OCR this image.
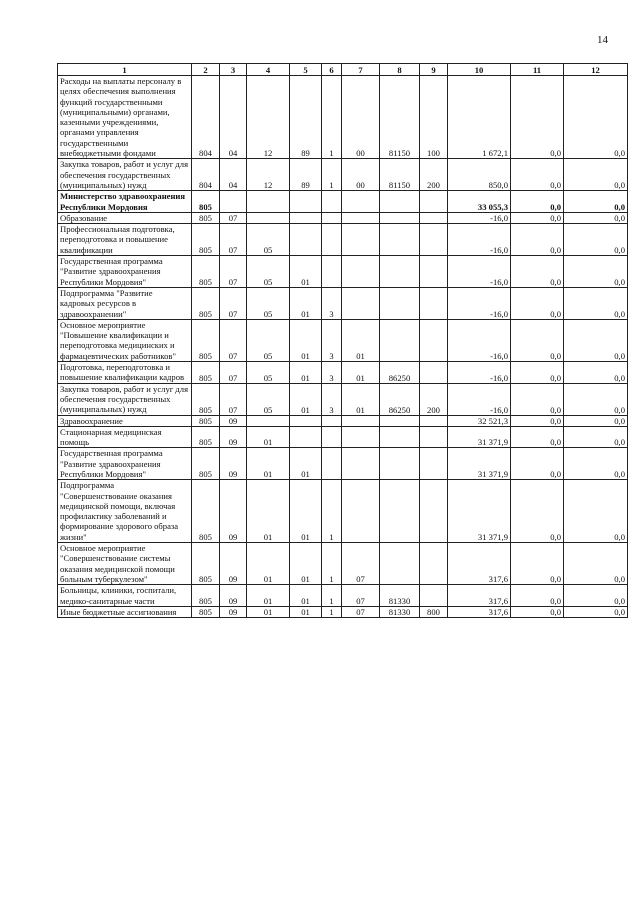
14
1	2	3	4	5	6	7	8	9	10	11	12
Расходы на выплаты персоналу в целях обеспечения выполнения функций государственными (муниципальными) органами, казенными учреждениями, органами управления государственными внебюджетными фондами	804	04	12	89	1	00	81150	100	1 672,1	0,0	0,0
Закупка товаров, работ и услуг для обеспечения государственных (муниципальных) нужд	804	04	12	89	1	00	81150	200	850,0	0,0	0,0
Министерство здравоохранения Республики Мордовия	805								33 055,3	0,0	0,0
Образование	805	07							-16,0	0,0	0,0
Профессиональная подготовка, переподготовка и повышение квалификации	805	07	05						-16,0	0,0	0,0
Государственная программа "Развитие здравоохранения Республики Мордовия"	805	07	05	01					-16,0	0,0	0,0
Подпрограмма "Развитие кадровых ресурсов в здравоохранении"	805	07	05	01	3				-16,0	0,0	0,0
Основное мероприятие "Повышение квалификации и переподготовка медицинских и фармацевтических работников"	805	07	05	01	3	01			-16,0	0,0	0,0
Подготовка, переподготовка и повышение квалификации кадров	805	07	05	01	3	01	86250		-16,0	0,0	0,0
Закупка товаров, работ и услуг для обеспечения государственных (муниципальных) нужд	805	07	05	01	3	01	86250	200	-16,0	0,0	0,0
Здравоохранение	805	09							32 521,3	0,0	0,0
Стационарная медицинская помощь	805	09	01						31 371,9	0,0	0,0
Государственная программа "Развитие здравоохранения Республики Мордовия"	805	09	01	01					31 371,9	0,0	0,0
Подпрограмма "Совершенствование оказания медицинской помощи, включая профилактику заболеваний и формирование здорового образа жизни"	805	09	01	01	1				31 371,9	0,0	0,0
Основное мероприятие "Совершенствование системы оказания медицинской помощи больным туберкулезом"	805	09	01	01	1	07			317,6	0,0	0,0
Больницы, клиники, госпитали, медико-санитарные части	805	09	01	01	1	07	81330		317,6	0,0	0,0
Иные бюджетные ассигнования	805	09	01	01	1	07	81330	800	317,6	0,0	0,0
